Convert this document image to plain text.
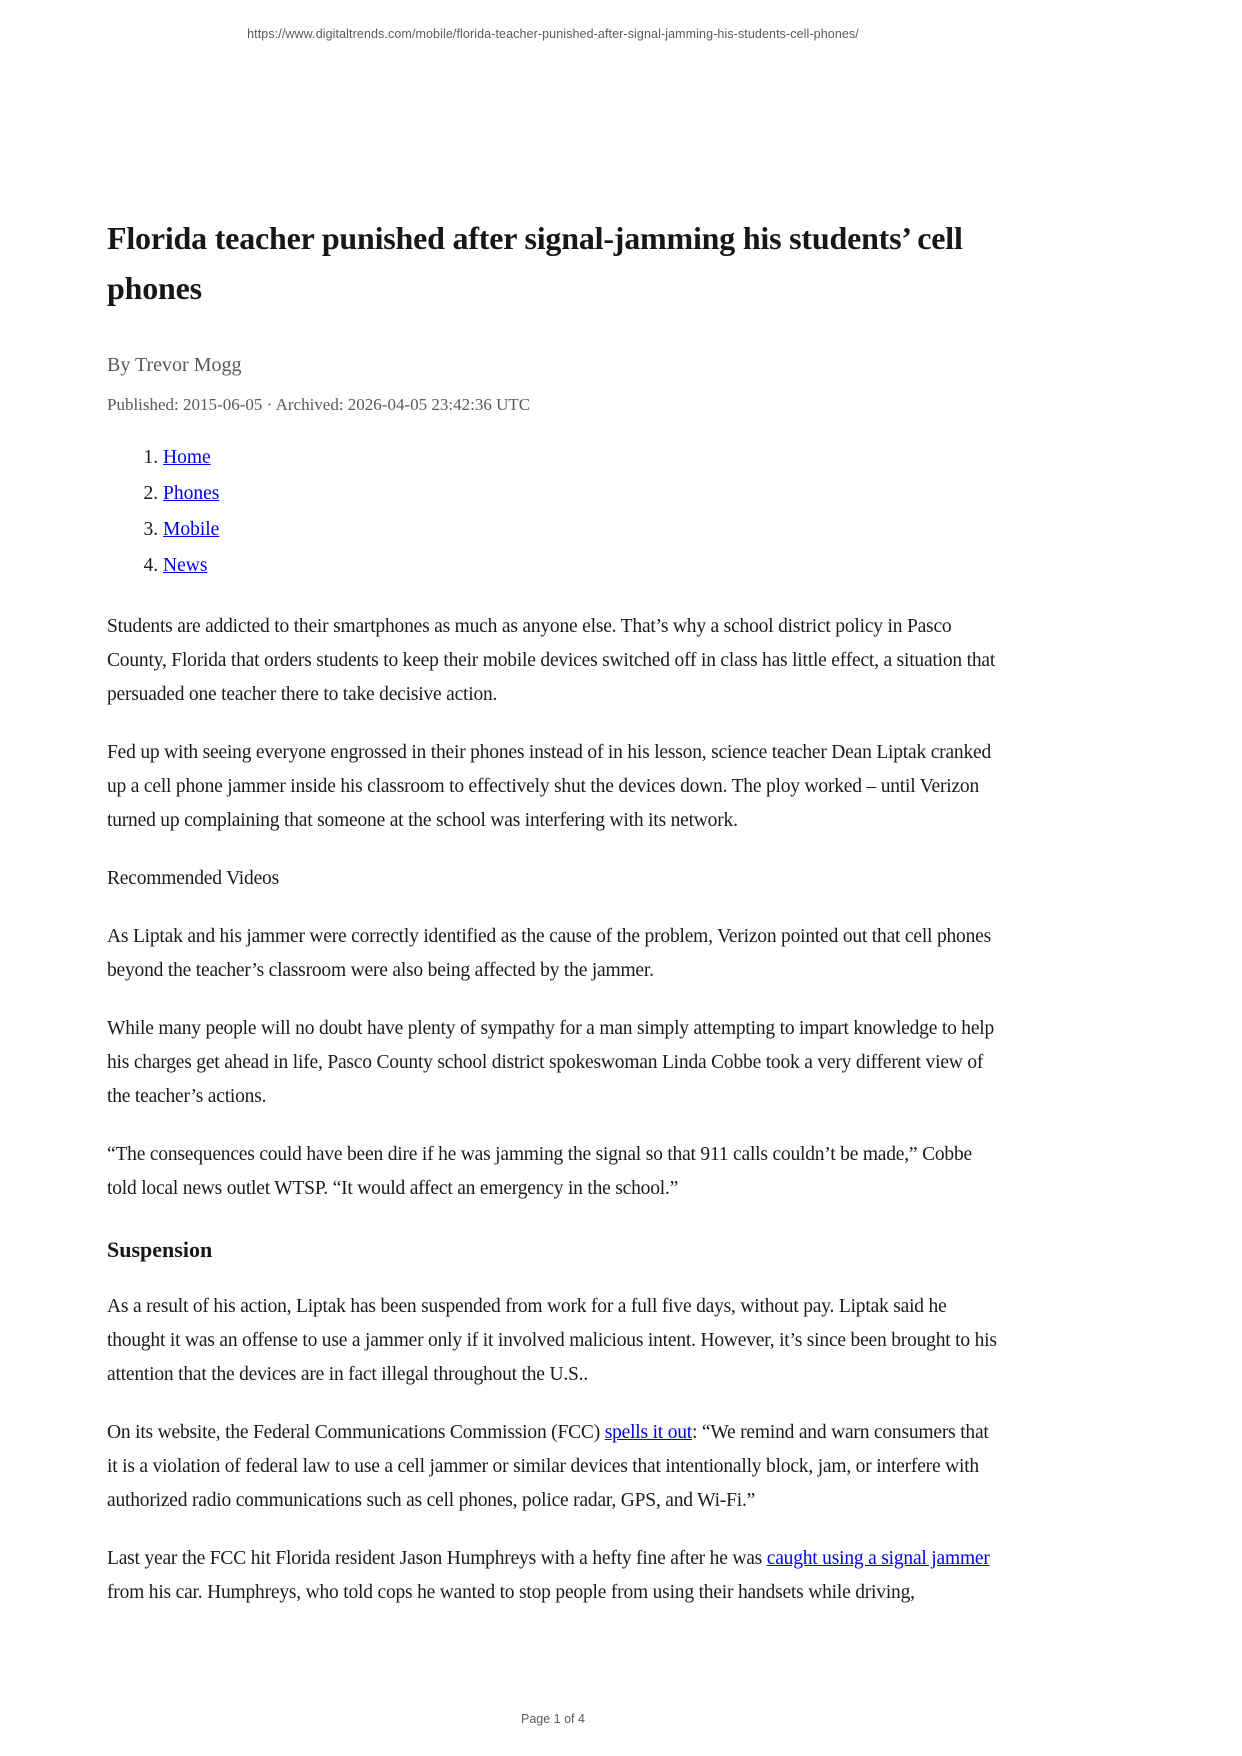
https://www.digitaltrends.com/mobile/florida-teacher-punished-after-signal-jamming-his-students-cell-phones/
Florida teacher punished after signal-jamming his students’ cell phones
By Trevor Mogg
Published: 2015-06-05 · Archived: 2026-04-05 23:42:36 UTC
1. Home
2. Phones
3. Mobile
4. News

Students are addicted to their smartphones as much as anyone else. That’s why a school district policy in Pasco County, Florida that orders students to keep their mobile devices switched off in class has little effect, a situation that persuaded one teacher there to take decisive action.

Fed up with seeing everyone engrossed in their phones instead of in his lesson, science teacher Dean Liptak cranked up a cell phone jammer inside his classroom to effectively shut the devices down. The ploy worked – until Verizon turned up complaining that someone at the school was interfering with its network.

Recommended Videos

As Liptak and his jammer were correctly identified as the cause of the problem, Verizon pointed out that cell phones beyond the teacher’s classroom were also being affected by the jammer.

While many people will no doubt have plenty of sympathy for a man simply attempting to impart knowledge to help his charges get ahead in life, Pasco County school district spokeswoman Linda Cobbe took a very different view of the teacher’s actions.

“The consequences could have been dire if he was jamming the signal so that 911 calls couldn’t be made,” Cobbe told local news outlet WTSP. “It would affect an emergency in the school.”

Suspension

As a result of his action, Liptak has been suspended from work for a full five days, without pay. Liptak said he thought it was an offense to use a jammer only if it involved malicious intent. However, it’s since been brought to his attention that the devices are in fact illegal throughout the U.S..

On its website, the Federal Communications Commission (FCC) spells it out: “We remind and warn consumers that it is a violation of federal law to use a cell jammer or similar devices that intentionally block, jam, or interfere with authorized radio communications such as cell phones, police radar, GPS, and Wi-Fi.”

Last year the FCC hit Florida resident Jason Humphreys with a hefty fine after he was caught using a signal jammer from his car. Humphreys, who told cops he wanted to stop people from using their handsets while driving,

Page 1 of 4
